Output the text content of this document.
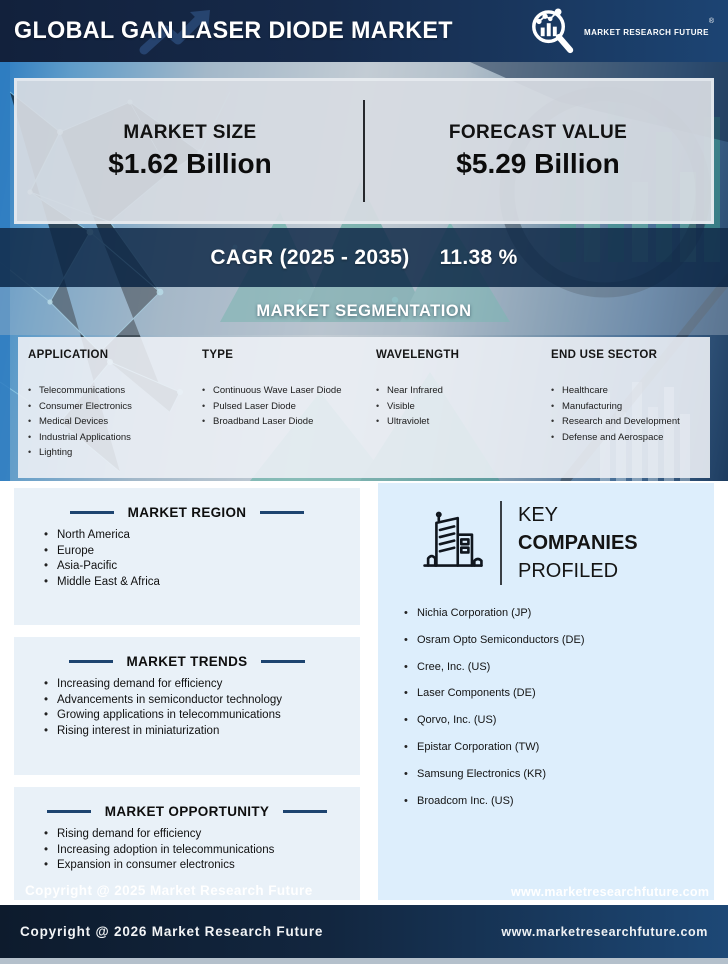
GLOBAL GAN LASER DIODE MARKET	MARKET RESEARCH FUTURE®
MARKET SIZE
$1.62 Billion
FORECAST VALUE
$5.29 Billion
CAGR (2025 - 2035) 11.38 %
MARKET SEGMENTATION
APPLICATION
• Telecommunications
• Consumer Electronics
• Medical Devices
• Industrial Applications
• Lighting
TYPE
• Continuous Wave Laser Diode
• Pulsed Laser Diode
• Broadband Laser Diode
WAVELENGTH
• Near Infrared
• Visible
• Ultraviolet
END USE SECTOR
• Healthcare
• Manufacturing
• Research and Development
• Defense and Aerospace
MARKET REGION
• North America
• Europe
• Asia-Pacific
• Middle East & Africa
MARKET TRENDS
• Increasing demand for efficiency
• Advancements in semiconductor technology
• Growing applications in telecommunications
• Rising interest in miniaturization
MARKET OPPORTUNITY
• Rising demand for efficiency
• Increasing adoption in telecommunications
• Expansion in consumer electronics
KEY
COMPANIES
PROFILED
• Nichia Corporation (JP)
• Osram Opto Semiconductors (DE)
• Cree, Inc. (US)
• Laser Components (DE)
• Qorvo, Inc. (US)
• Epistar Corporation (TW)
• Samsung Electronics (KR)
• Broadcom Inc. (US)
Copyright @ 2025 Market Research Future	www.marketresearchfuture.com
Copyright @ 2026 Market Research Future	www.marketresearchfuture.com
